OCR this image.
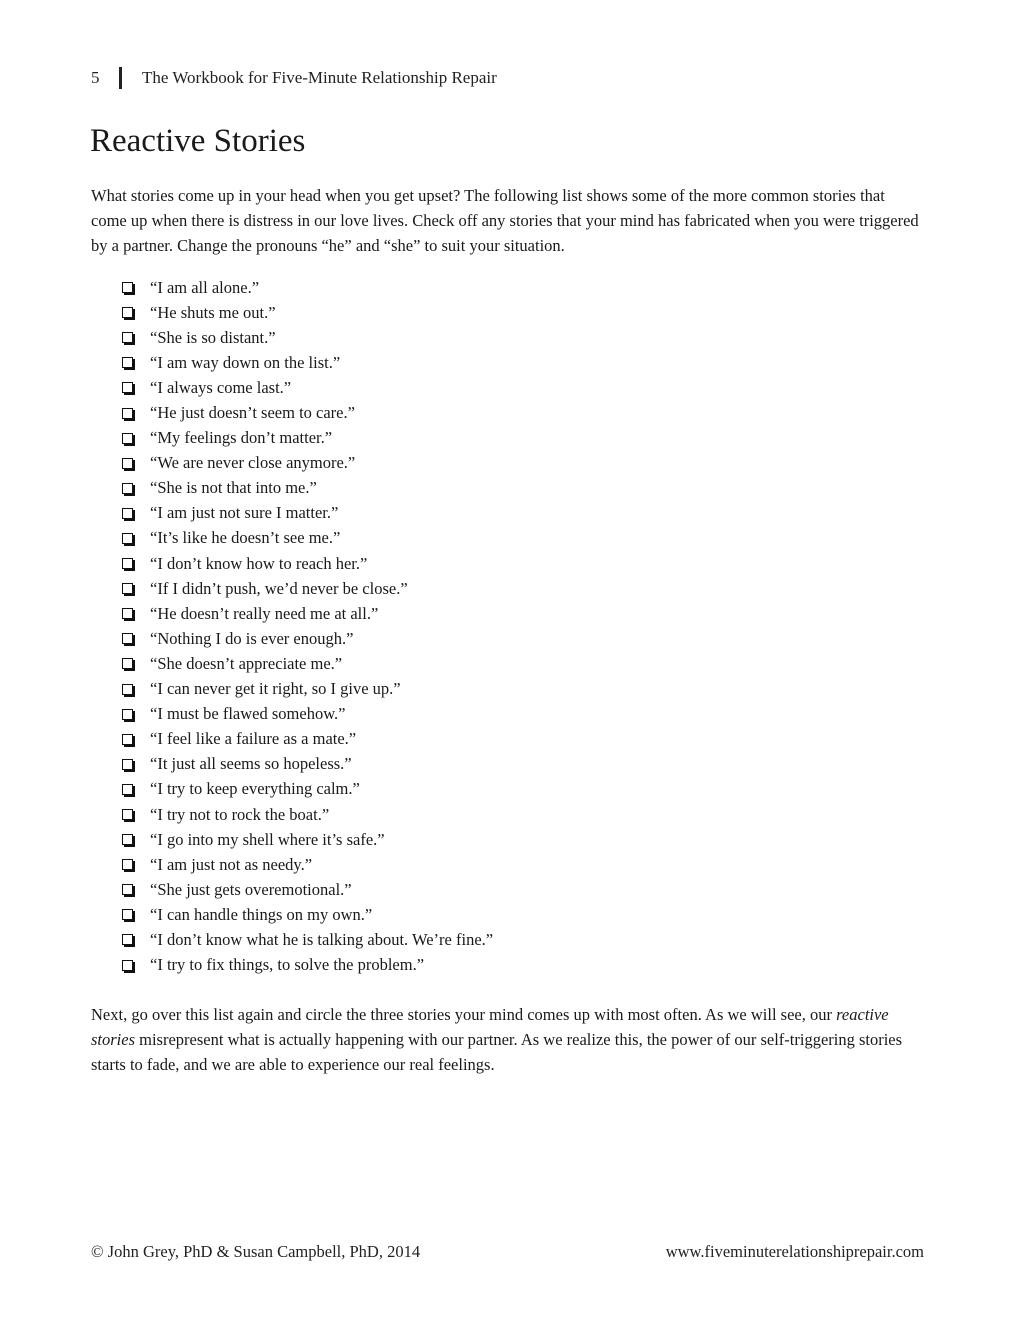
5	The Workbook for Five-Minute Relationship Repair
Reactive Stories

What stories come up in your head when you get upset? The following list shows some of the more common stories that come up when there is distress in our love lives. Check off any stories that your mind has fabricated when you were triggered by a partner. Change the pronouns “he” and “she” to suit your situation.

“I am all alone.”
“He shuts me out.”
“She is so distant.”
“I am way down on the list.”
“I always come last.”
“He just doesn’t seem to care.”
“My feelings don’t matter.”
“We are never close anymore.”
“She is not that into me.”
“I am just not sure I matter.”
“It’s like he doesn’t see me.”
“I don’t know how to reach her.”
“If I didn’t push, we’d never be close.”
“He doesn’t really need me at all.”
“Nothing I do is ever enough.”
“She doesn’t appreciate me.”
“I can never get it right, so I give up.”
“I must be flawed somehow.”
“I feel like a failure as a mate.”
“It just all seems so hopeless.”
“I try to keep everything calm.”
“I try not to rock the boat.”
“I go into my shell where it’s safe.”
“I am just not as needy.”
“She just gets overemotional.”
“I can handle things on my own.”
“I don’t know what he is talking about. We’re fine.”
“I try to fix things, to solve the problem.”

Next, go over this list again and circle the three stories your mind comes up with most often. As we will see, our reactive stories misrepresent what is actually happening with our partner. As we realize this, the power of our self-triggering stories starts to fade, and we are able to experience our real feelings.

© John Grey, PhD & Susan Campbell, PhD, 2014	www.fiveminuterelationshiprepair.com
